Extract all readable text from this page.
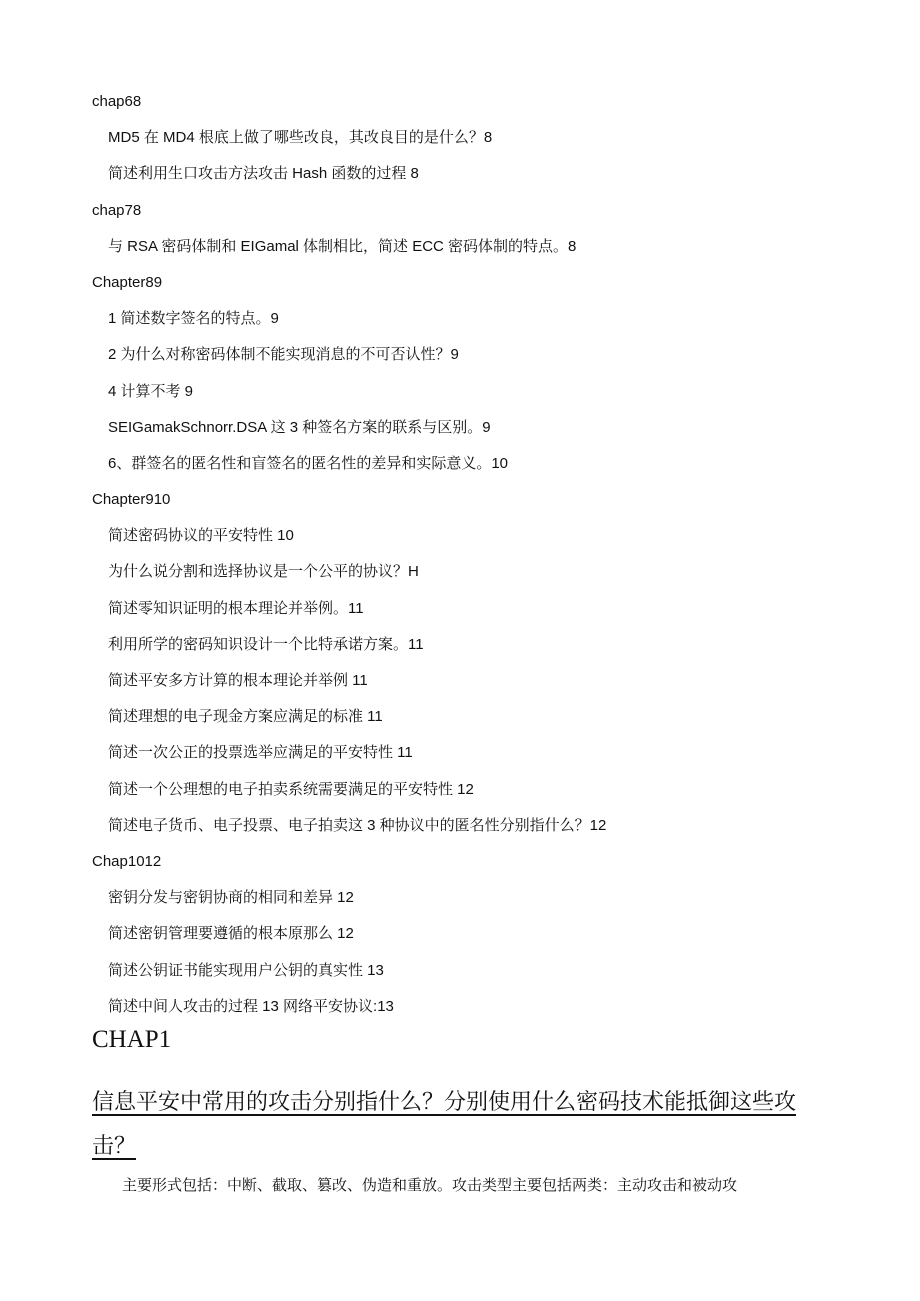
chap68
MD5 在 MD4 根底上做了哪些改良，其改良目的是什么？8
简述利用生口攻击方法攻击 Hash 函数的过程 8
chap78
与 RSA 密码体制和 EIGamal 体制相比，简述 ECC 密码体制的特点。8
Chapter89
1 简述数字签名的特点。9
2 为什么对称密码体制不能实现消息的不可否认性？9
4 计算不考 9
SEIGamakSchnorr.DSA 这 3 种签名方案的联系与区别。9
6、群签名的匿名性和盲签名的匿名性的差异和实际意义。10
Chapter910
简述密码协议的平安特性 10
为什么说分割和选择协议是一个公平的协议？H
简述零知识证明的根本理论并举例。11
利用所学的密码知识设计一个比特承诺方案。11
简述平安多方计算的根本理论并举例 11
简述理想的电子现金方案应满足的标准 11
简述一次公正的投票选举应满足的平安特性 11
简述一个公理想的电子拍卖系统需要满足的平安特性 12
简述电子货币、电子投票、电子拍卖这 3 种协议中的匿名性分别指什么？12
Chap1012
密钥分发与密钥协商的相同和差异 12
简述密钥管理要遵循的根本原那么 12
简述公钥证书能实现用户公钥的真实性 13
简述中间人攻击的过程 13 网络平安协议:13
CHAP1
信息平安中常用的攻击分别指什么？分别使用什么密码技术能抵御这些攻击？
主要形式包括：中断、截取、篡改、伪造和重放。攻击类型主要包括两类：主动攻击和被动攻
